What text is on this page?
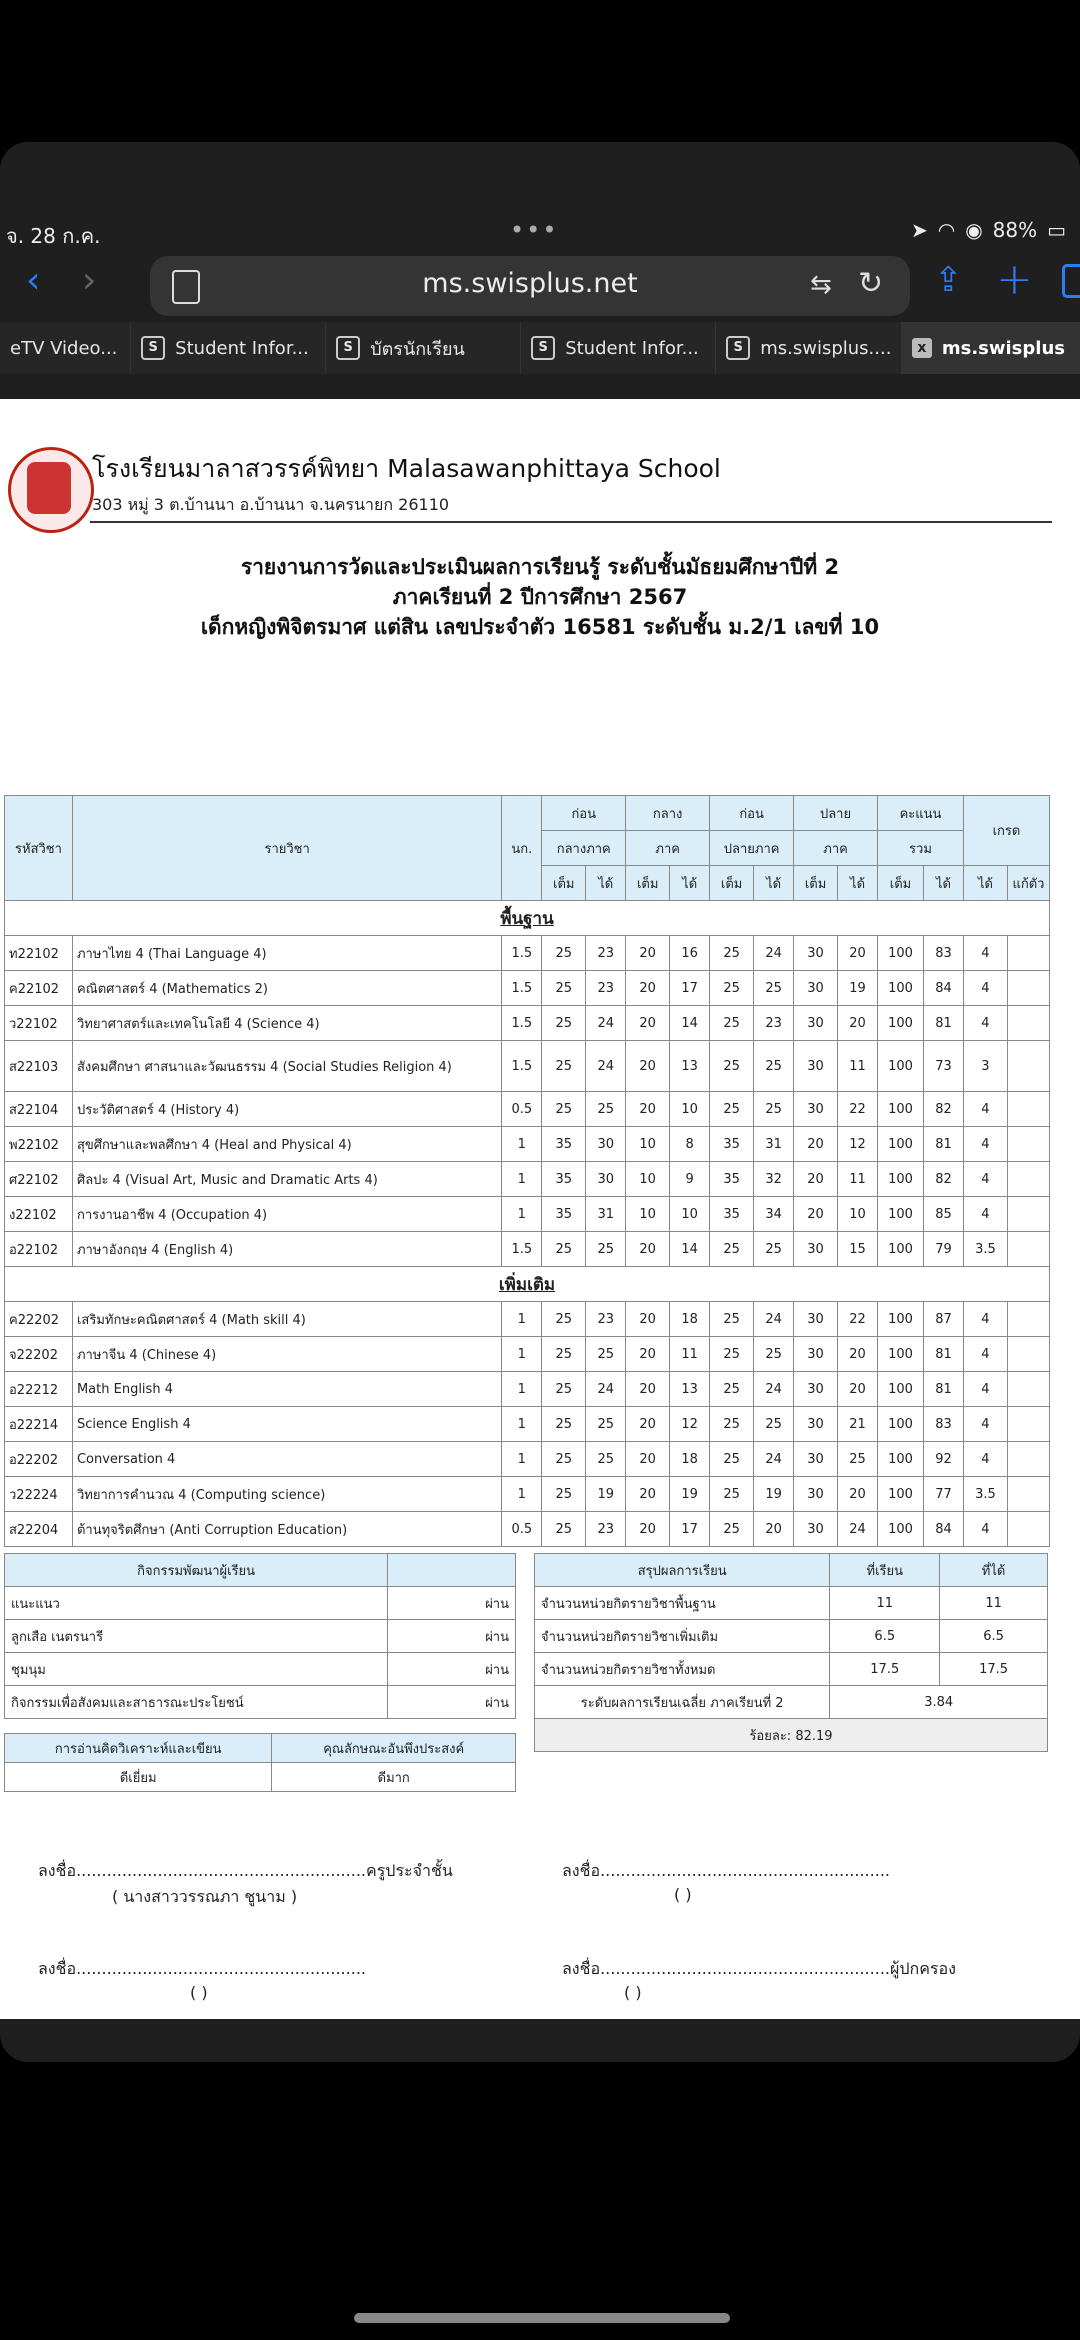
จ. 28 ก.ค.	•••	➤ ◠ ◉ 88% ▭
‹ ›	ms.swisplus.net	⇆ ↻ ⇪ +
eTV Video...	S Student Infor...	S บัตรนักเรียน	S Student Infor...	S ms.swisplus....	x ms.swisplus
โรงเรียนมาลาสวรรค์พิทยา Malasawanphittaya School
303 หมู่ 3 ต.บ้านนา อ.บ้านนา จ.นครนายก 26110
รายงานการวัดและประเมินผลการเรียนรู้ ระดับชั้นมัธยมศึกษาปีที่ 2
ภาคเรียนที่ 2 ปีการศึกษา 2567
เด็กหญิงพิจิตรมาศ แต่สิน เลขประจำตัว 16581 ระดับชั้น ม.2/1 เลขที่ 10
รหัสวิชา	รายวิชา	นก.	ก่อน		กลาง		ก่อน		ปลาย		คะแนน		เกรด	
			กลางภาค		ภาค		ปลายภาค		ภาค		รวม			
			เต็ม	ได้	เต็ม	ได้	เต็ม	ได้	เต็ม	ได้	เต็ม	ได้	ได้	แก้ตัว
พื้นฐาน														
ท22102	ภาษาไทย 4 (Thai Language 4)	1.5	25	23	20	16	25	24	30	20	100	83	4	
ค22102	คณิตศาสตร์ 4 (Mathematics 2)	1.5	25	23	20	17	25	25	30	19	100	84	4	
ว22102	วิทยาศาสตร์และเทคโนโลยี 4 (Science 4)	1.5	25	24	20	14	25	23	30	20	100	81	4	
ส22103	สังคมศึกษา ศาสนาและวัฒนธรรม 4 (Social Studies Religion 4)	1.5	25	24	20	13	25	25	30	11	100	73	3	
ส22104	ประวัติศาสตร์ 4 (History 4)	0.5	25	25	20	10	25	25	30	22	100	82	4	
พ22102	สุขศึกษาและพลศึกษา 4 (Heal and Physical 4)	1	35	30	10	8	35	31	20	12	100	81	4	
ศ22102	ศิลปะ 4 (Visual Art, Music and Dramatic Arts 4)	1	35	30	10	9	35	32	20	11	100	82	4	
ง22102	การงานอาชีพ 4 (Occupation 4)	1	35	31	10	10	35	34	20	10	100	85	4	
อ22102	ภาษาอังกฤษ 4 (English 4)	1.5	25	25	20	14	25	25	30	15	100	79	3.5	
เพิ่มเติม														
ค22202	เสริมทักษะคณิตศาสตร์ 4 (Math skill 4)	1	25	23	20	18	25	24	30	22	100	87	4	
จ22202	ภาษาจีน 4 (Chinese 4)	1	25	25	20	11	25	25	30	20	100	81	4	
อ22212	Math English 4	1	25	24	20	13	25	24	30	20	100	81	4	
อ22214	Science English 4	1	25	25	20	12	25	25	30	21	100	83	4	
อ22202	Conversation 4	1	25	25	20	18	25	24	30	25	100	92	4	
ว22224	วิทยาการคำนวณ 4 (Computing science)	1	25	19	20	19	25	19	30	20	100	77	3.5	
ส22204	ต้านทุจริตศึกษา (Anti Corruption Education)	0.5	25	23	20	17	25	20	30	24	100	84	4	
กิจกรรมพัฒนาผู้เรียน	
แนะแนว	ผ่าน
ลูกเสือ เนตรนารี	ผ่าน
ชุมนุม	ผ่าน
กิจกรรมเพื่อสังคมและสาธารณะประโยชน์	ผ่าน
สรุปผลการเรียน	ที่เรียน	ที่ได้
จำนวนหน่วยกิตรายวิชาพื้นฐาน	11	11
จำนวนหน่วยกิตรายวิชาเพิ่มเติม	6.5	6.5
จำนวนหน่วยกิตรายวิชาทั้งหมด	17.5	17.5
ระดับผลการเรียนเฉลี่ย ภาคเรียนที่ 2	3.84	
ร้อยละ: 82.19		
การอ่านคิดวิเคราะห์และเขียน	คุณลักษณะอันพึงประสงค์
ดีเยี่ยม	ดีมาก
ลงชื่อ.........................................................ครูประจำชั้น
( นางสาววรรณภา ชูนาม )
ลงชื่อ.........................................................
( )
ลงชื่อ.........................................................
( )
ลงชื่อ.........................................................ผู้ปกครอง
( )
